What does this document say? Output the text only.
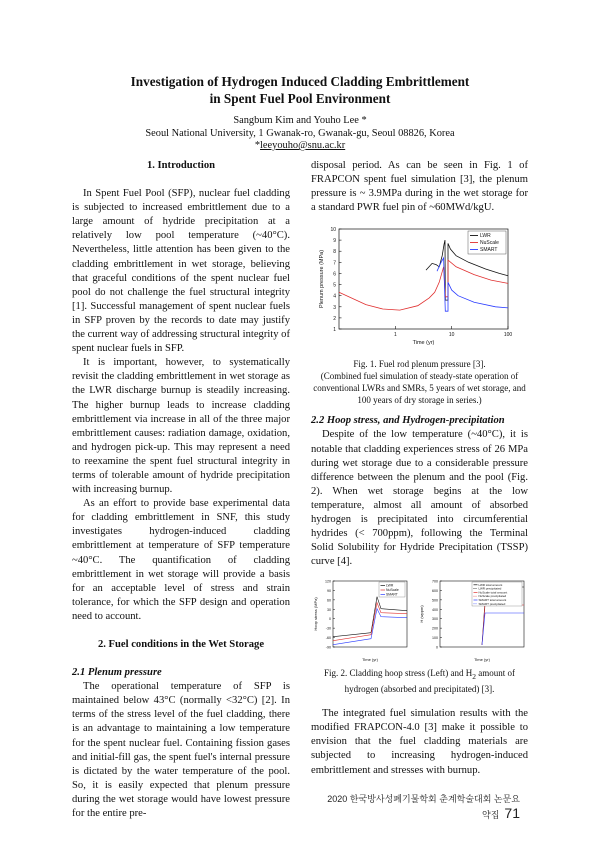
Investigation of Hydrogen Induced Cladding Embrittlement
in Spent Fuel Pool Environment
Sangbum Kim and Youho Lee *
Seoul National University, 1 Gwanak-ro, Gwanak-gu, Seoul 08826, Korea
*leeyouho@snu.ac.kr
1. Introduction

In Spent Fuel Pool (SFP), nuclear fuel cladding is subjected to increased embrittlement due to a large amount of hydride precipitation at a relatively low pool temperature (~40°C). Nevertheless, little attention has been given to the cladding embrittlement in wet storage, believing that graceful conditions of the spent nuclear fuel pool do not challenge the fuel structural integrity [1]. Successful management of spent nuclear fuels in SFP proven by the records to date may justify the current way of addressing structural integrity of spent nuclear fuels in SFP.

It is important, however, to systematically revisit the cladding embrittlement in wet storage as the LWR discharge burnup is steadily increasing. The higher burnup leads to increase cladding embrittlement via increase in all of the three major embrittlement causes: radiation damage, oxidation, and hydrogen pick-up. This may represent a need to reexamine the spent fuel structural integrity in terms of tolerable amount of hydride precipitation with increasing burnup.

As an effort to provide base experimental data for cladding embrittlement in SNF, this study investigates hydrogen-induced cladding embrittlement at temperature of SFP temperature ~40°C. The quantification of cladding embrittlement in wet storage will provide a basis for an acceptable level of stress and strain tolerance, for which the SFP design and operation need to account.

2. Fuel conditions in the Wet Storage
2.1 Plenum pressure

The operational temperature of SFP is maintained below 43°C (normally <32°C) [2]. In terms of the stress level of the fuel cladding, there is an advantage to maintaining a low temperature for the spent nuclear fuel. Containing fission gases and initial-fill gas, the spent fuel's internal pressure is dictated by the water temperature of the pool. So, it is easily expected that plenum pressure during the wet storage would have lowest pressure for the entire pre-

disposal period. As can be seen in Fig. 1 of FRAPCON spent fuel simulation [3], the plenum pressure is ~ 3.9MPa during in the wet storage for a standard PWR fuel pin of ~60MWd/kgU.

1
2
3
4
5
6
7
8
9
10
1	10	100
Time (yr)
Plenum pressure (MPa)
LWR
NuScale
SMART
Fig. 1. Fuel rod plenum pressure [3].
(Combined fuel simulation of steady-state operation of conventional LWRs and SMRs, 5 years of wet storage, and 100 years of dry storage in series.)
2.2 Hoop stress, and Hydrogen-precipitation

Despite of the low temperature (~40°C), it is notable that cladding experiences stress of 26 MPa during wet storage due to a considerable pressure difference between the plenum and the pool (Fig. 2). When wet storage begins at the low temperature, almost all amount of absorbed hydrogen is precipitated into circumferential hydrides (< 700ppm), following the Terminal Solid Solubility for Hydride Precipitation (TSSP) curve [4].

-90
-60
-30
0
30
60
90
120
Time (yr)
Hoop stress (MPa)
LWR
NuScale
SMART
0
100
200
300
400
500
600
700
Time (yr)
H (wppm)
LWR total amount
LWR precipitated
NuScale total amount
NuScale precipitated
SMART total amount
SMART precipitated
Fig. 2. Cladding hoop stress (Left) and $H_2$ amount of
hydrogen (absorbed and precipitated) [3].

The integrated fuel simulation results with the modified FRAPCON-4.0 [3] make it possible to envision that the fuel cladding materials are subjected to increasing hydrogen-induced embrittlement and stresses with burnup.

2020 한국방사성폐기물학회 춘계학술대회 논문요약집 71
